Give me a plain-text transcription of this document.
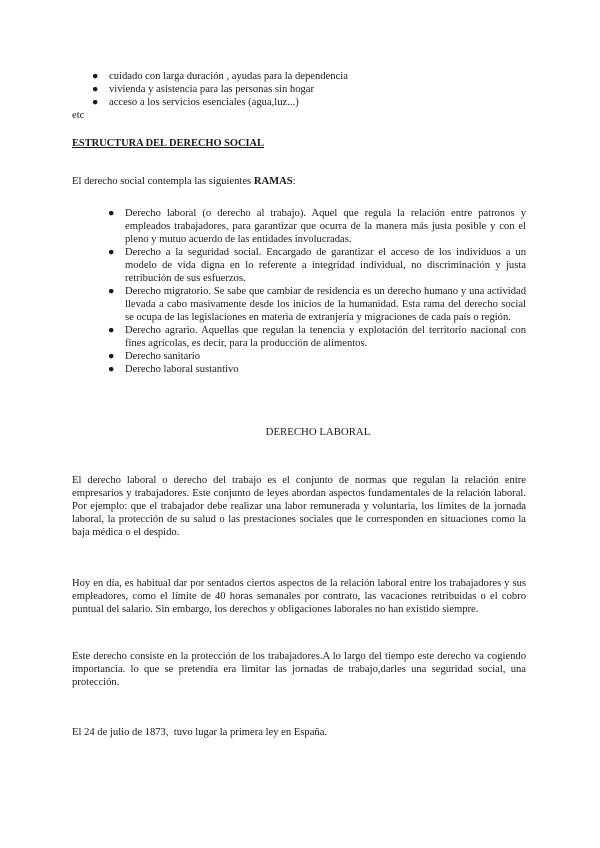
● cuidado con larga duración , ayudas para la dependencia
● vivienda y asistencia para las personas sin hogar
● acceso a los servicios esenciales (agua,luz...)
etc
ESTRUCTURA DEL DERECHO SOCIAL
El derecho social contempla las siguientes RAMAS:
● Derecho laboral (o derecho al trabajo). Aquel que regula la relación entre patronos y empleados trabajadores, para garantizar que ocurra de la manera más justa posible y con el pleno y mutuo acuerdo de las entidades involucradas.
● Derecho a la seguridad social. Encargado de garantizar el acceso de los individuos a un modelo de vida digna en lo referente a integridad individual, no discriminación y justa retribución de sus esfuerzos.
● Derecho migratorio. Se sabe que cambiar de residencia es un derecho humano y una actividad llevada a cabo masivamente desde los inicios de la humanidad. Esta rama del derecho social se ocupa de las legislaciones en materia de extranjería y migraciones de cada país o región.
● Derecho agrario. Aquellas que regulan la tenencia y explotación del territorio nacional con fines agrícolas, es decir, para la producción de alimentos.
● Derecho sanitario
● Derecho laboral sustantivo
DERECHO LABORAL

El derecho laboral o derecho del trabajo es el conjunto de normas que regulan la relación entre empresarios y trabajadores. Este conjunto de leyes abordan aspectos fundamentales de la relación laboral. Por ejemplo: que el trabajador debe realizar una labor remunerada y voluntaria, los límites de la jornada laboral, la protección de su salud o las prestaciones sociales que le corresponden en situaciones como la baja médica o el despido.

Hoy en día, es habitual dar por sentados ciertos aspectos de la relación laboral entre los trabajadores y sus empleadores, como el límite de 40 horas semanales por contrato, las vacaciones retribuidas o el cobro puntual del salario. Sin embargo, los derechos y obligaciones laborales no han existido siempre.

Este derecho consiste en la protección de los trabajadores.A lo largo del tiempo este derecho va cogiendo importancia. lo que se pretendía era limitar las jornadas de trabajo,darles una seguridad social, una protección.

El 24 de julio de 1873,  tuvo lugar la primera ley en España.
